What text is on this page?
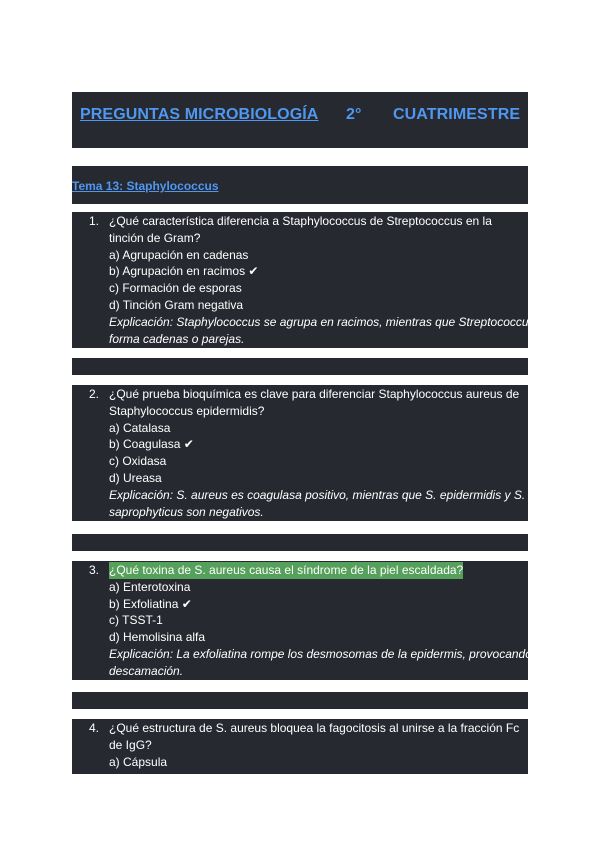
PREGUNTAS MICROBIOLOGÍA 2° CUATRIMESTRE
Tema 13: Staphylococcus
1. ¿Qué característica diferencia a Staphylococcus de Streptococcus en la
tinción de Gram?
a) Agrupación en cadenas
b) Agrupación en racimos ✔
c) Formación de esporas
d) Tinción Gram negativa
Explicación: Staphylococcus se agrupa en racimos, mientras que Streptococcus
forma cadenas o parejas.
2. ¿Qué prueba bioquímica es clave para diferenciar Staphylococcus aureus de
Staphylococcus epidermidis?
a) Catalasa
b) Coagulasa ✔
c) Oxidasa
d) Ureasa
Explicación: S. aureus es coagulasa positivo, mientras que S. epidermidis y S.
saprophyticus son negativos.
3. ¿Qué toxina de S. aureus causa el síndrome de la piel escaldada?
a) Enterotoxina
b) Exfoliatina ✔
c) TSST-1
d) Hemolisina alfa
Explicación: La exfoliatina rompe los desmosomas de la epidermis, provocando
descamación.
4. ¿Qué estructura de S. aureus bloquea la fagocitosis al unirse a la fracción Fc
de IgG?
a) Cápsula
